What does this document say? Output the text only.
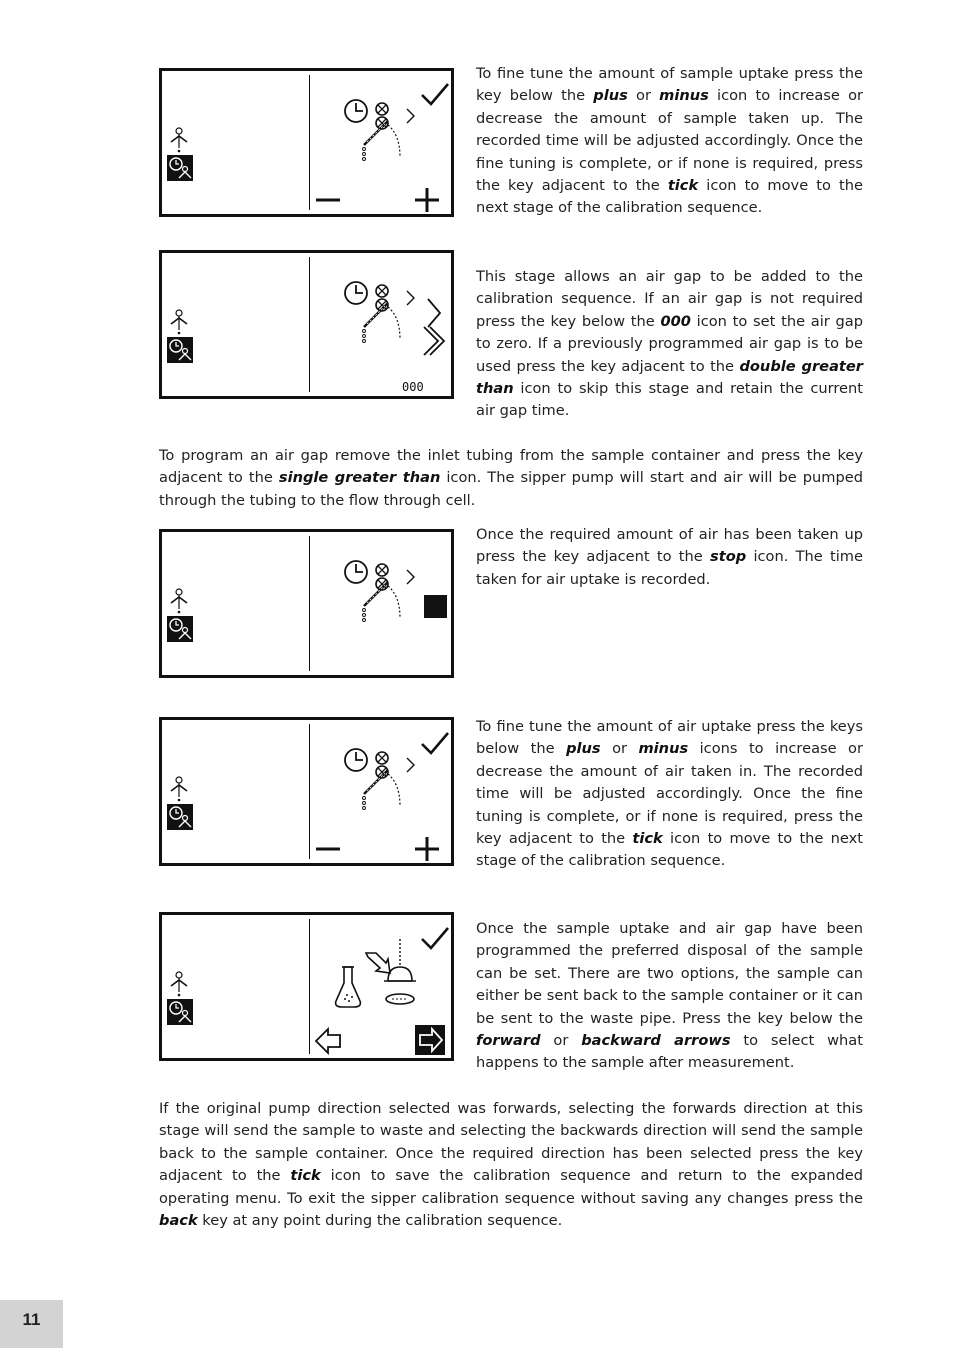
To fine tune the amount of sample uptake press the key below the plus or minus icon to increase or decrease the amount of sample taken up. The recorded time will be adjusted accordingly. Once the fine tuning is complete, or if none is required, press the key adjacent to the tick icon to move to the next stage of the calibration sequence.

000

This stage allows an air gap to be added to the calibration sequence. If an air gap is not required press the key below the 000 icon to set the air gap to zero. If a previously programmed air gap is to be used press the key adjacent to the double greater than icon to skip this stage and retain the current air gap time.

To program an air gap remove the inlet tubing from the sample container and press the key adjacent to the single greater than icon. The sipper pump will start and air will be pumped through the tubing to the flow through cell.

Once the required amount of air has been taken up press the key adjacent to the stop icon. The time taken for air uptake is recorded.

To fine tune the amount of air uptake press the keys below the plus or minus icons to increase or decrease the amount of air taken in. The recorded time will be adjusted accordingly. Once the fine tuning is complete, or if none is required, press the key adjacent to the tick icon to move to the next stage of the calibration sequence.

Once the sample uptake and air gap have been programmed the preferred disposal of the sample can be set. There are two options, the sample can either be sent back to the sample container or it can be sent to the waste pipe. Press the key below the forward or backward arrows to select what happens to the sample after measurement.

If the original pump direction selected was forwards, selecting the forwards direction at this stage will send the sample to waste and selecting the backwards direction will send the sample back to the sample container. Once the required direction has been selected press the key adjacent to the tick icon to save the calibration sequence and return to the expanded operating menu. To exit the sipper calibration sequence without saving any changes press the back key at any point during the calibration sequence.

11
